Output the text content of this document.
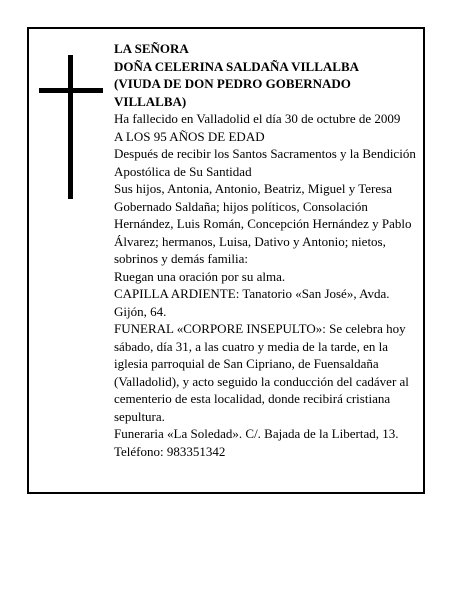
LA SEÑORA
DOÑA CELERINA SALDAÑA VILLALBA
(VIUDA DE DON PEDRO GOBERNADO
VILLALBA)
Ha fallecido en Valladolid el día 30 de octubre de 2009
A LOS 95 AÑOS DE EDAD
Después de recibir los Santos Sacramentos y la Bendición Apostólica de Su Santidad
Sus hijos, Antonia, Antonio, Beatriz, Miguel y Teresa Gobernado Saldaña; hijos políticos, Consolación Hernández, Luis Román, Concepción Hernández y Pablo Álvarez; hermanos, Luisa, Dativo y Antonio; nietos, sobrinos y demás familia:
Ruegan una oración por su alma.
CAPILLA ARDIENTE: Tanatorio «San José», Avda. Gijón, 64.
FUNERAL «CORPORE INSEPULTO»: Se celebra hoy sábado, día 31, a las cuatro y media de la tarde, en la iglesia parroquial de San Cipriano, de Fuensaldaña (Valladolid), y acto seguido la conducción del cadáver al cementerio de esta localidad, donde recibirá cristiana sepultura.
Funeraria «La Soledad». C/. Bajada de la Libertad, 13. Teléfono: 983351342
